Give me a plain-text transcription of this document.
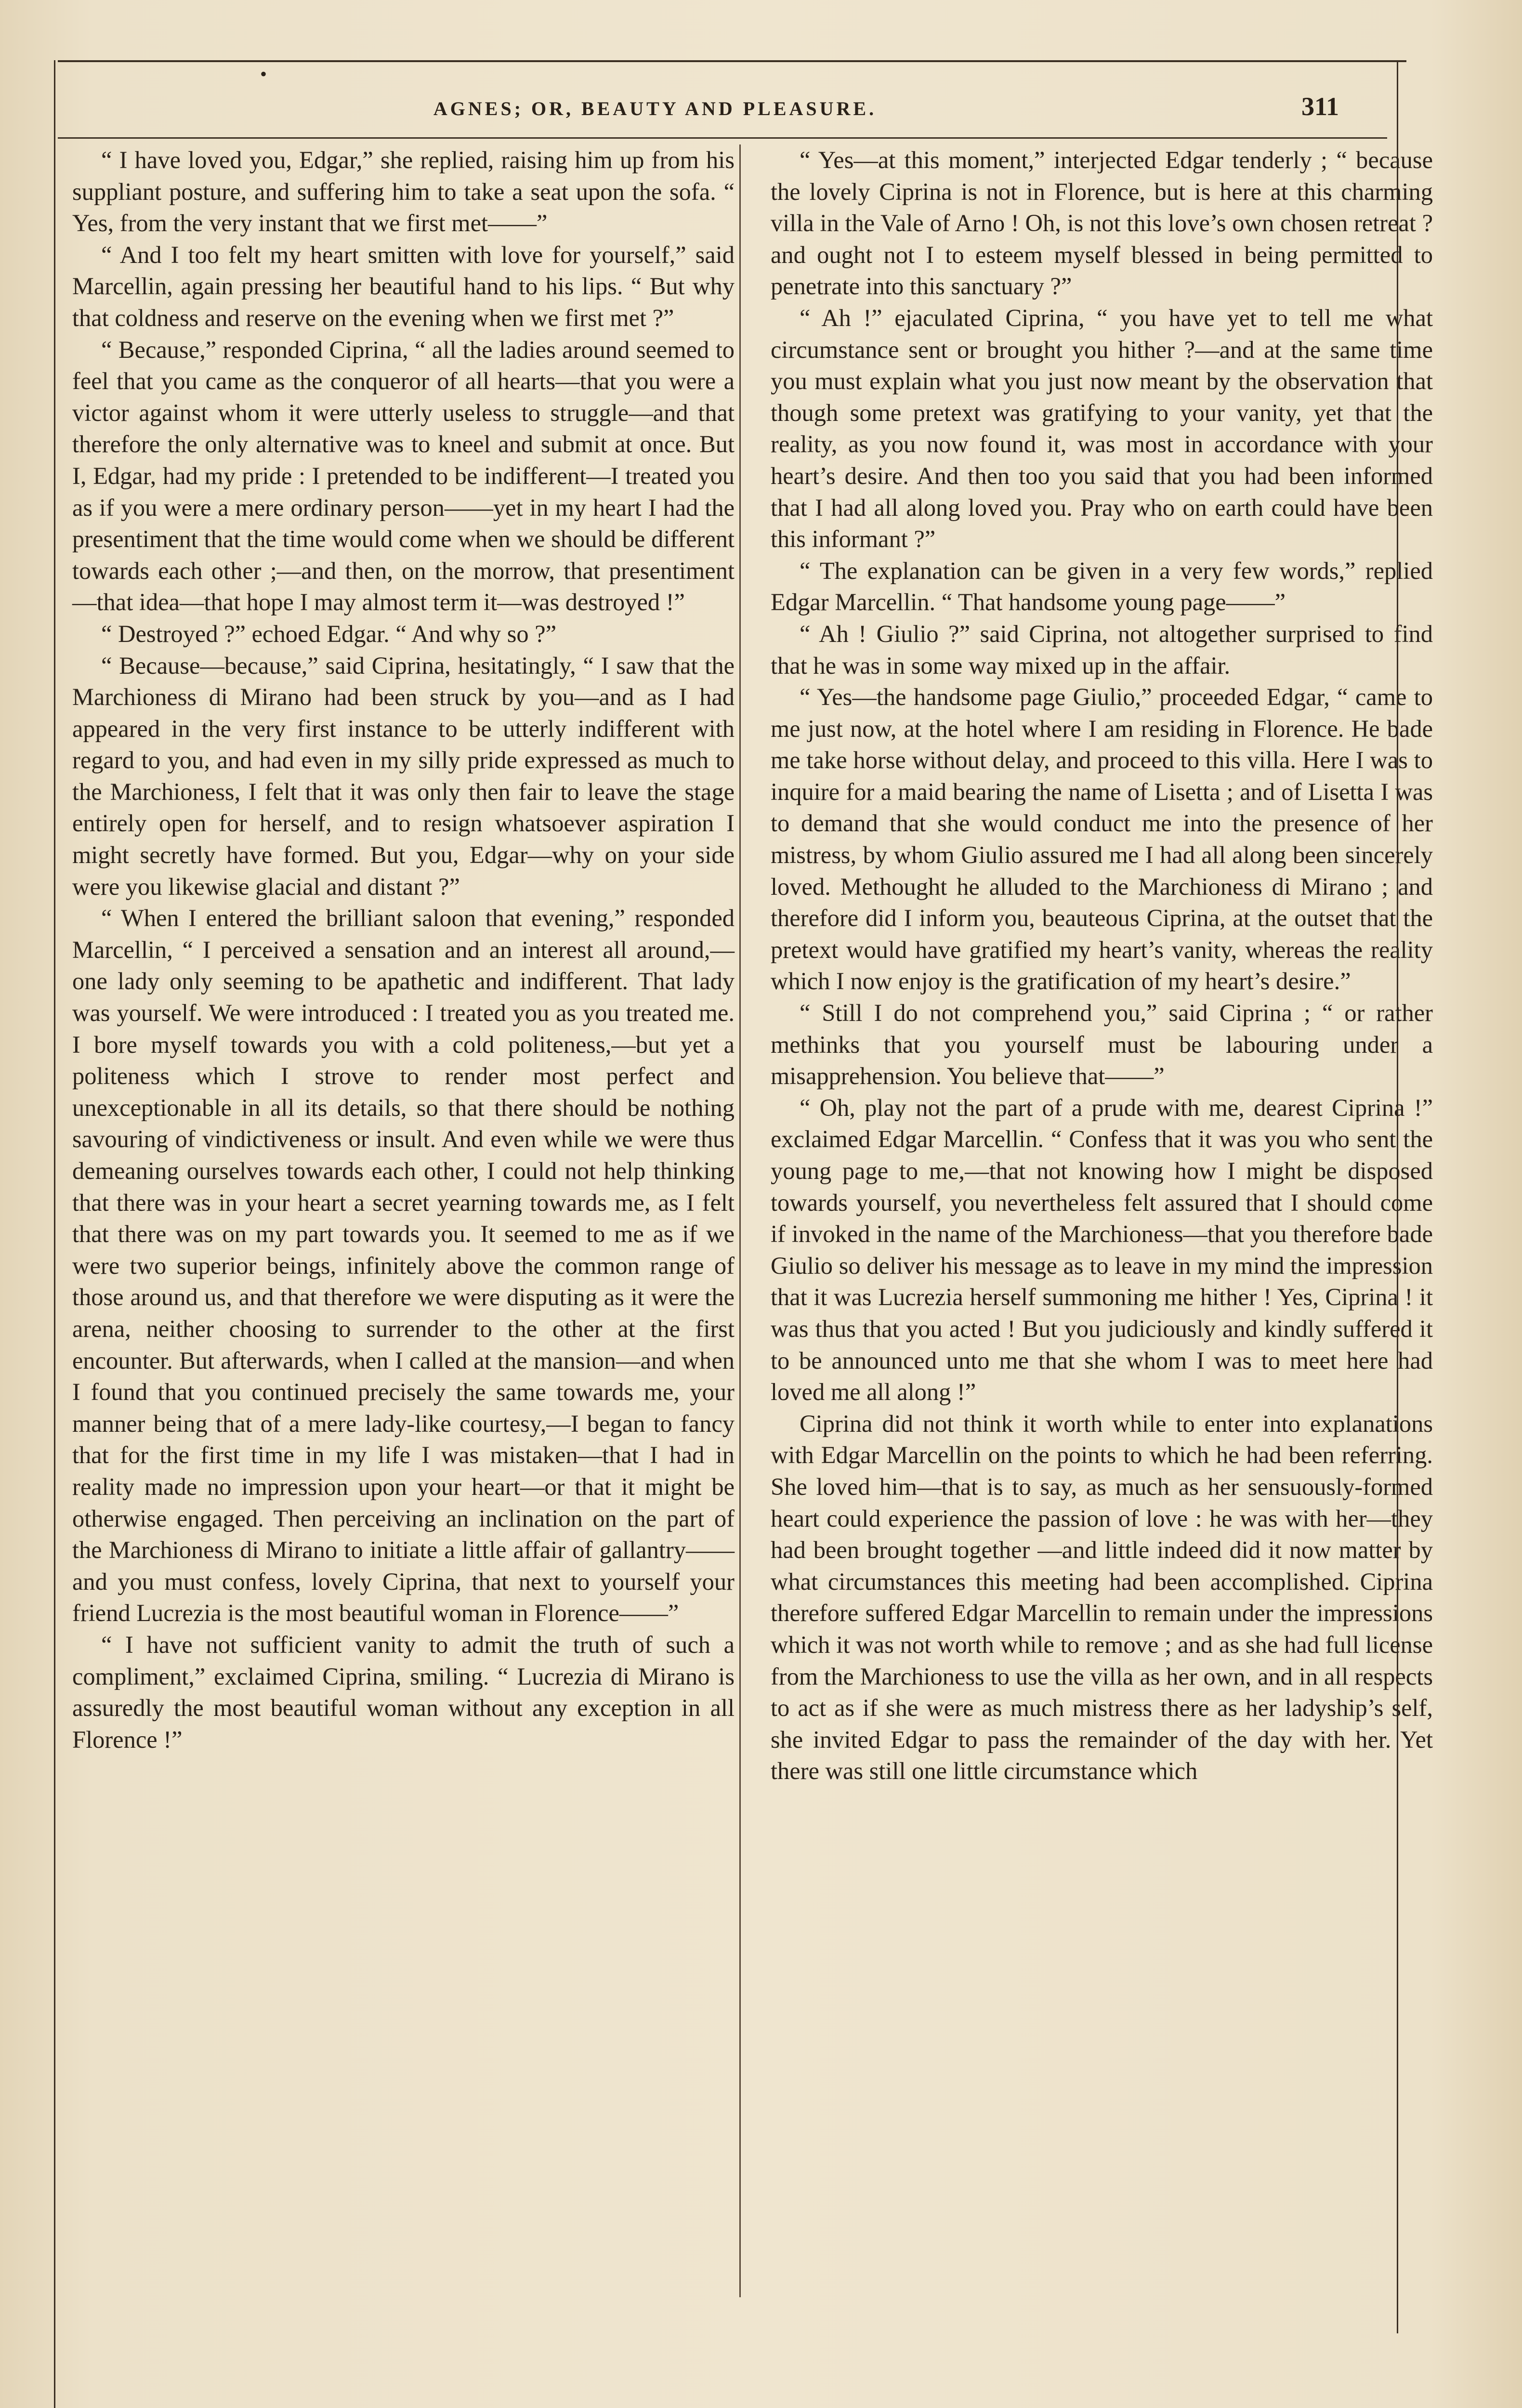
•
AGNES; OR, BEAUTY AND PLEASURE.	311

“ I have loved you, Edgar,” she replied, raising him up from his suppliant posture, and suffering him to take a seat upon the sofa. “ Yes, from the very instant that we first met——”

“ And I too felt my heart smitten with love for yourself,” said Marcellin, again pressing her beautiful hand to his lips. “ But why that coldness and reserve on the evening when we first met ?”

“ Because,” responded Ciprina, “ all the ladies around seemed to feel that you came as the conqueror of all hearts—that you were a victor against whom it were utterly useless to struggle—and that therefore the only alternative was to kneel and submit at once. But I, Edgar, had my pride : I pretended to be indifferent—I treated you as if you were a mere ordinary person——yet in my heart I had the presentiment that the time would come when we should be different towards each other ;—and then, on the morrow, that presentiment—that idea—that hope I may almost term it—was destroyed !”

“ Destroyed ?” echoed Edgar. “ And why so ?”

“ Because—because,” said Ciprina, hesitatingly, “ I saw that the Marchioness di Mirano had been struck by you—and as I had appeared in the very first instance to be utterly indifferent with regard to you, and had even in my silly pride expressed as much to the Marchioness, I felt that it was only then fair to leave the stage entirely open for herself, and to resign whatsoever aspiration I might secretly have formed. But you, Edgar—why on your side were you likewise glacial and distant ?”

“ When I entered the brilliant saloon that evening,” responded Marcellin, “ I perceived a sensation and an interest all around,—one lady only seeming to be apathetic and indifferent. That lady was yourself. We were introduced : I treated you as you treated me. I bore myself towards you with a cold politeness,—but yet a politeness which I strove to render most perfect and unexceptionable in all its details, so that there should be nothing savouring of vindictiveness or insult. And even while we were thus demeaning ourselves towards each other, I could not help thinking that there was in your heart a secret yearning towards me, as I felt that there was on my part towards you. It seemed to me as if we were two superior beings, infinitely above the common range of those around us, and that therefore we were disputing as it were the arena, neither choosing to surrender to the other at the first encounter. But afterwards, when I called at the mansion—and when I found that you continued precisely the same towards me, your manner being that of a mere lady-like courtesy,—I began to fancy that for the first time in my life I was mistaken—that I had in reality made no impression upon your heart—or that it might be otherwise engaged. Then perceiving an inclination on the part of the Marchioness di Mirano to initiate a little affair of gallantry——and you must confess, lovely Ciprina, that next to yourself your friend Lucrezia is the most beautiful woman in Florence——”

“ I have not sufficient vanity to admit the truth of such a compliment,” exclaimed Ciprina, smiling. “ Lucrezia di Mirano is assuredly the most beautiful woman without any exception in all Florence !”

“ Yes—at this moment,” interjected Edgar tenderly ; “ because the lovely Ciprina is not in Florence, but is here at this charming villa in the Vale of Arno ! Oh, is not this love’s own chosen retreat ? and ought not I to esteem myself blessed in being permitted to penetrate into this sanctuary ?”

“ Ah !” ejaculated Ciprina, “ you have yet to tell me what circumstance sent or brought you hither ?—and at the same time you must explain what you just now meant by the observation that though some pretext was gratifying to your vanity, yet that the reality, as you now found it, was most in accordance with your heart’s desire. And then too you said that you had been informed that I had all along loved you. Pray who on earth could have been this informant ?”

“ The explanation can be given in a very few words,” replied Edgar Marcellin. “ That handsome young page——”

“ Ah ! Giulio ?” said Ciprina, not altogether surprised to find that he was in some way mixed up in the affair.

“ Yes—the handsome page Giulio,” proceeded Edgar, “ came to me just now, at the hotel where I am residing in Florence. He bade me take horse without delay, and proceed to this villa. Here I was to inquire for a maid bearing the name of Lisetta ; and of Lisetta I was to demand that she would conduct me into the presence of her mistress, by whom Giulio assured me I had all along been sincerely loved. Methought he alluded to the Marchioness di Mirano ; and therefore did I inform you, beauteous Ciprina, at the outset that the pretext would have gratified my heart’s vanity, whereas the reality which I now enjoy is the gratification of my heart’s desire.”

“ Still I do not comprehend you,” said Ciprina ; “ or rather methinks that you yourself must be labouring under a misapprehension. You believe that——”

“ Oh, play not the part of a prude with me, dearest Ciprina !” exclaimed Edgar Marcellin. “ Confess that it was you who sent the young page to me,—that not knowing how I might be disposed towards yourself, you nevertheless felt assured that I should come if invoked in the name of the Marchioness—that you therefore bade Giulio so deliver his message as to leave in my mind the impression that it was Lucrezia herself summoning me hither ! Yes, Ciprina ! it was thus that you acted ! But you judiciously and kindly suffered it to be announced unto me that she whom I was to meet here had loved me all along !”

Ciprina did not think it worth while to enter into explanations with Edgar Marcellin on the points to which he had been referring. She loved him—that is to say, as much as her sensuously-formed heart could experience the passion of love : he was with her—they had been brought together —and little indeed did it now matter by what circumstances this meeting had been accomplished. Ciprina therefore suffered Edgar Marcellin to remain under the impressions which it was not worth while to remove ; and as she had full license from the Marchioness to use the villa as her own, and in all respects to act as if she were as much mistress there as her ladyship’s self, she invited Edgar to pass the remainder of the day with her. Yet there was still one little circumstance which
